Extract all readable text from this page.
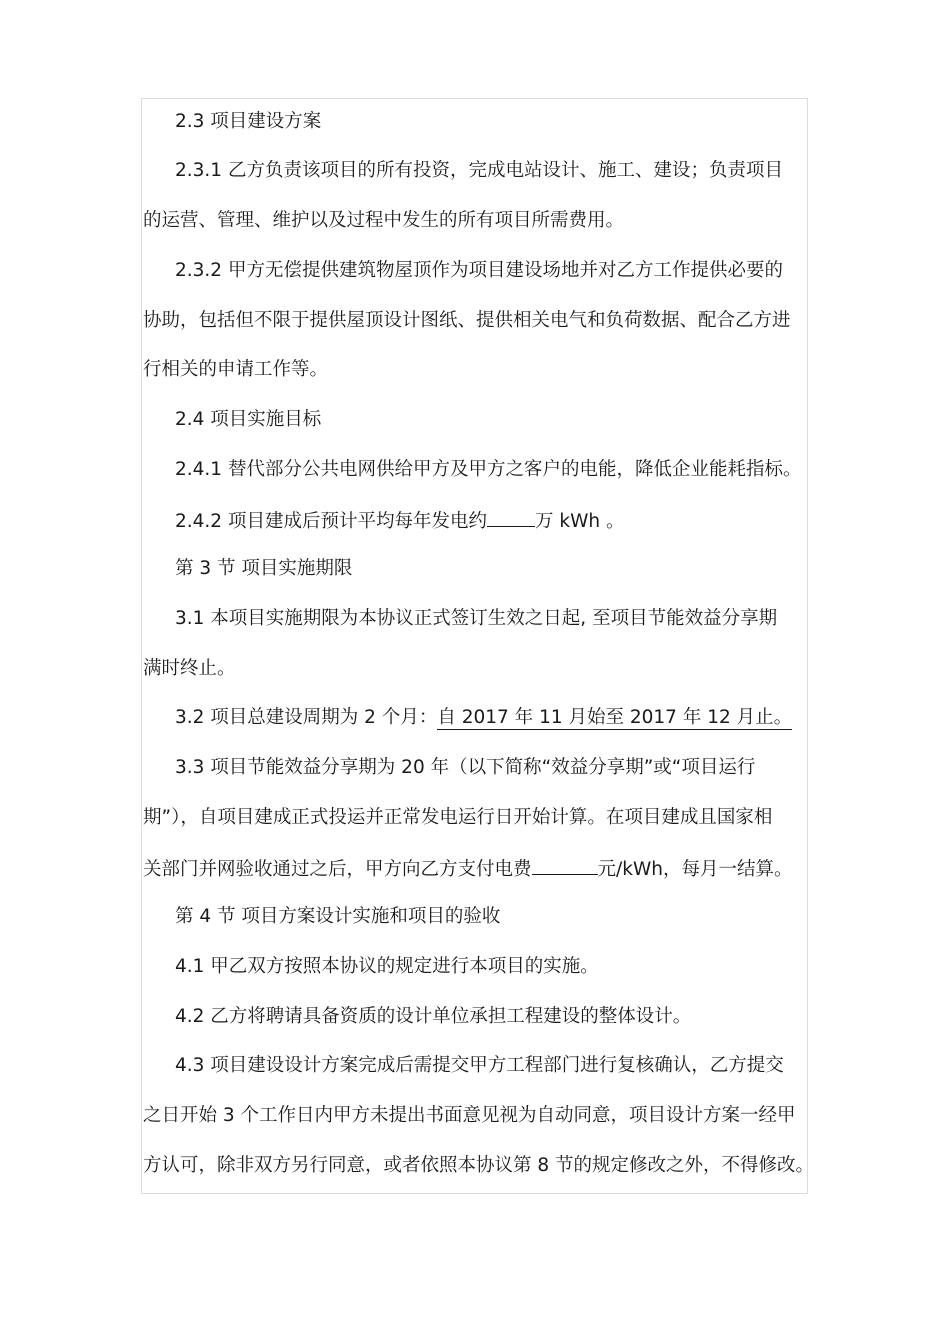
2.3 项目建设方案
2.3.1 乙方负责该项目的所有投资，完成电站设计、施工、建设；负责项目
的运营、管理、维护以及过程中发生的所有项目所需费用。
2.3.2 甲方无偿提供建筑物屋顶作为项目建设场地并对乙方工作提供必要的
协助，包括但不限于提供屋顶设计图纸、提供相关电气和负荷数据、配合乙方进
行相关的申请工作等。
2.4 项目实施目标
2.4.1 替代部分公共电网供给甲方及甲方之客户的电能，降低企业能耗指标。
2.4.2 项目建成后预计平均每年发电约	万 kWh 。
第 3 节 项目实施期限
3.1 本项目实施期限为本协议正式签订生效之日起, 至项目节能效益分享期
满时终止。
3.2 项目总建设周期为 2 个月：自 2017 年 11 月始至 2017 年 12 月止。
3.3 项目节能效益分享期为 20 年（以下简称“效益分享期”或“项目运行
期”），自项目建成正式投运并正常发电运行日开始计算。在项目建成且国家相
关部门并网验收通过之后，甲方向乙方支付电费	元/kWh，每月一结算。
第 4 节 项目方案设计实施和项目的验收
4.1 甲乙双方按照本协议的规定进行本项目的实施。
4.2 乙方将聘请具备资质的设计单位承担工程建设的整体设计。
4.3 项目建设设计方案完成后需提交甲方工程部门进行复核确认，乙方提交
之日开始 3 个工作日内甲方未提出书面意见视为自动同意，项目设计方案一经甲
方认可，除非双方另行同意，或者依照本协议第 8 节的规定修改之外，不得修改。
